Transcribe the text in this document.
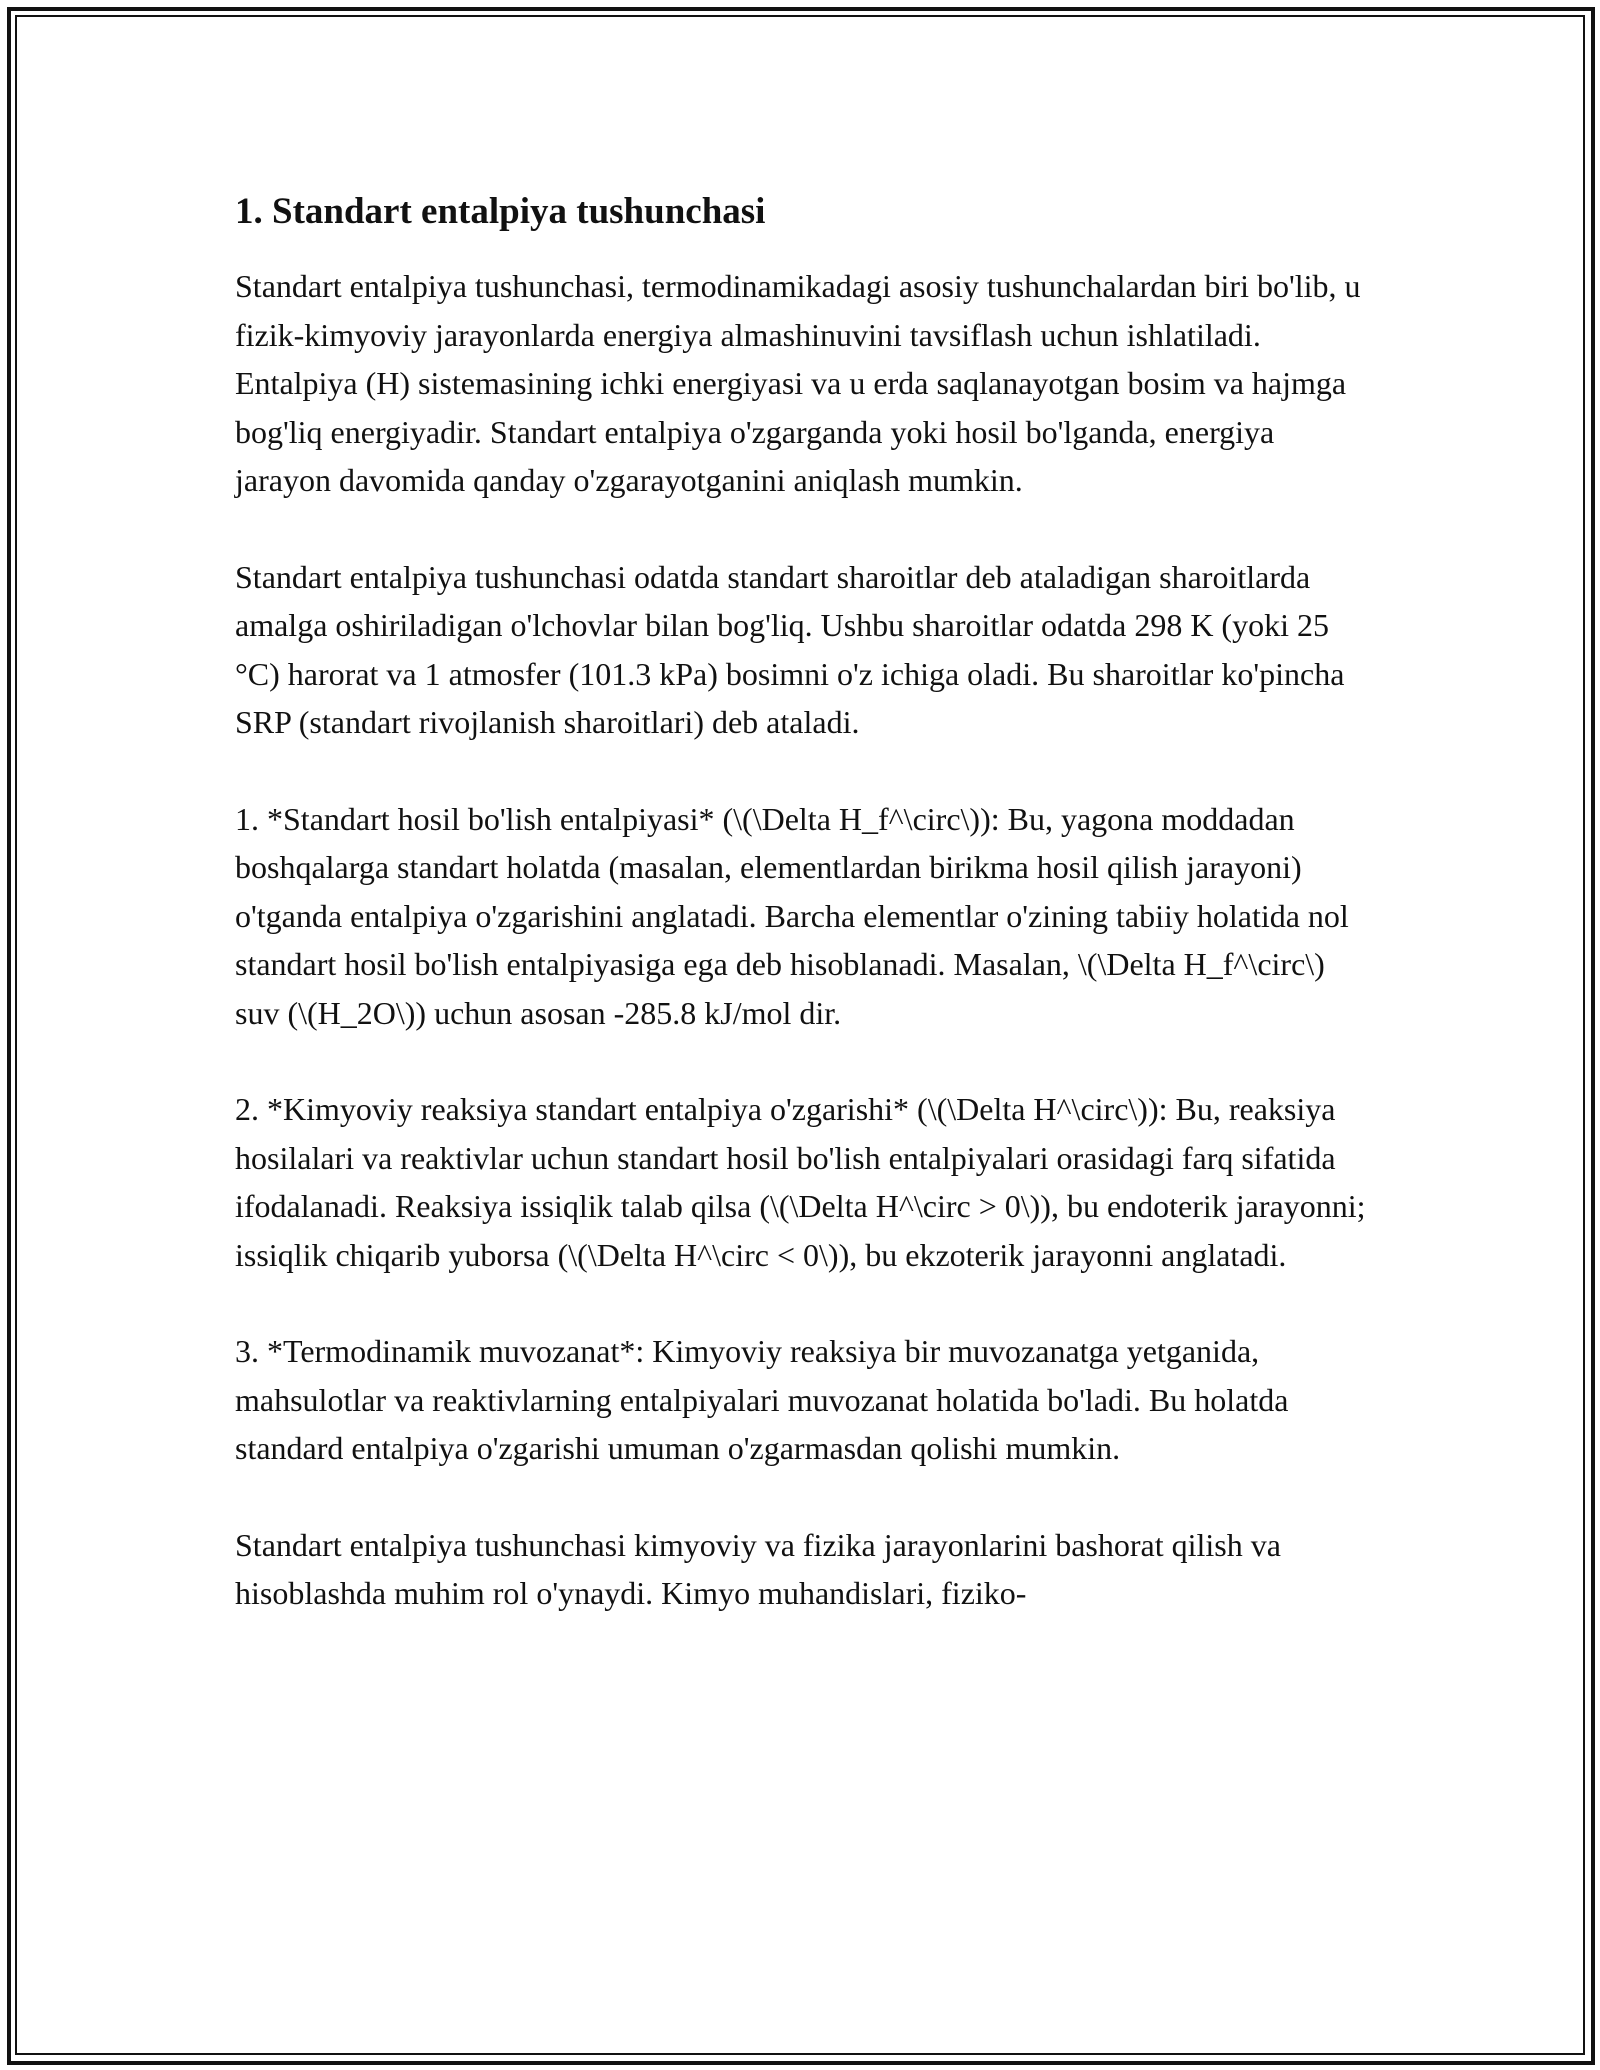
1. Standart entalpiya tushunchasi

Standart entalpiya tushunchasi, termodinamikadagi asosiy tushunchalardan biri bo'lib, u fizik-kimyoviy jarayonlarda energiya almashinuvini tavsiflash uchun ishlatiladi. Entalpiya (H) sistemasining ichki energiyasi va u erda saqlanayotgan bosim va hajmga bog'liq energiyadir. Standart entalpiya o'zgarganda yoki hosil bo'lganda, energiya jarayon davomida qanday o'zgarayotganini aniqlash mumkin.

Standart entalpiya tushunchasi odatda standart sharoitlar deb ataladigan sharoitlarda amalga oshiriladigan o'lchovlar bilan bog'liq. Ushbu sharoitlar odatda 298 K (yoki 25 °C) harorat va 1 atmosfer (101.3 kPa) bosimni o'z ichiga oladi. Bu sharoitlar ko'pincha SRP (standart rivojlanish sharoitlari) deb ataladi.

1. *Standart hosil bo'lish entalpiyasi* (\(\Delta H_f^\circ\)): Bu, yagona moddadan boshqalarga standart holatda (masalan, elementlardan birikma hosil qilish jarayoni) o'tganda entalpiya o'zgarishini anglatadi. Barcha elementlar o'zining tabiiy holatida nol standart hosil bo'lish entalpiyasiga ega deb hisoblanadi. Masalan, \(\Delta H_f^\circ\) suv (\(H_2O\)) uchun asosan -285.8 kJ/mol dir.

2. *Kimyoviy reaksiya standart entalpiya o'zgarishi* (\(\Delta H^\circ\)): Bu, reaksiya hosilalari va reaktivlar uchun standart hosil bo'lish entalpiyalari orasidagi farq sifatida ifodalanadi. Reaksiya issiqlik talab qilsa (\(\Delta H^\circ > 0\)), bu endoterik jarayonni; issiqlik chiqarib yuborsa (\(\Delta H^\circ < 0\)), bu ekzoterik jarayonni anglatadi.

3. *Termodinamik muvozanat*: Kimyoviy reaksiya bir muvozanatga yetganida, mahsulotlar va reaktivlarning entalpiyalari muvozanat holatida bo'ladi. Bu holatda standard entalpiya o'zgarishi umuman o'zgarmasdan qolishi mumkin.

Standart entalpiya tushunchasi kimyoviy va fizika jarayonlarini bashorat qilish va hisoblashda muhim rol o'ynaydi. Kimyo muhandislari, fiziko-
